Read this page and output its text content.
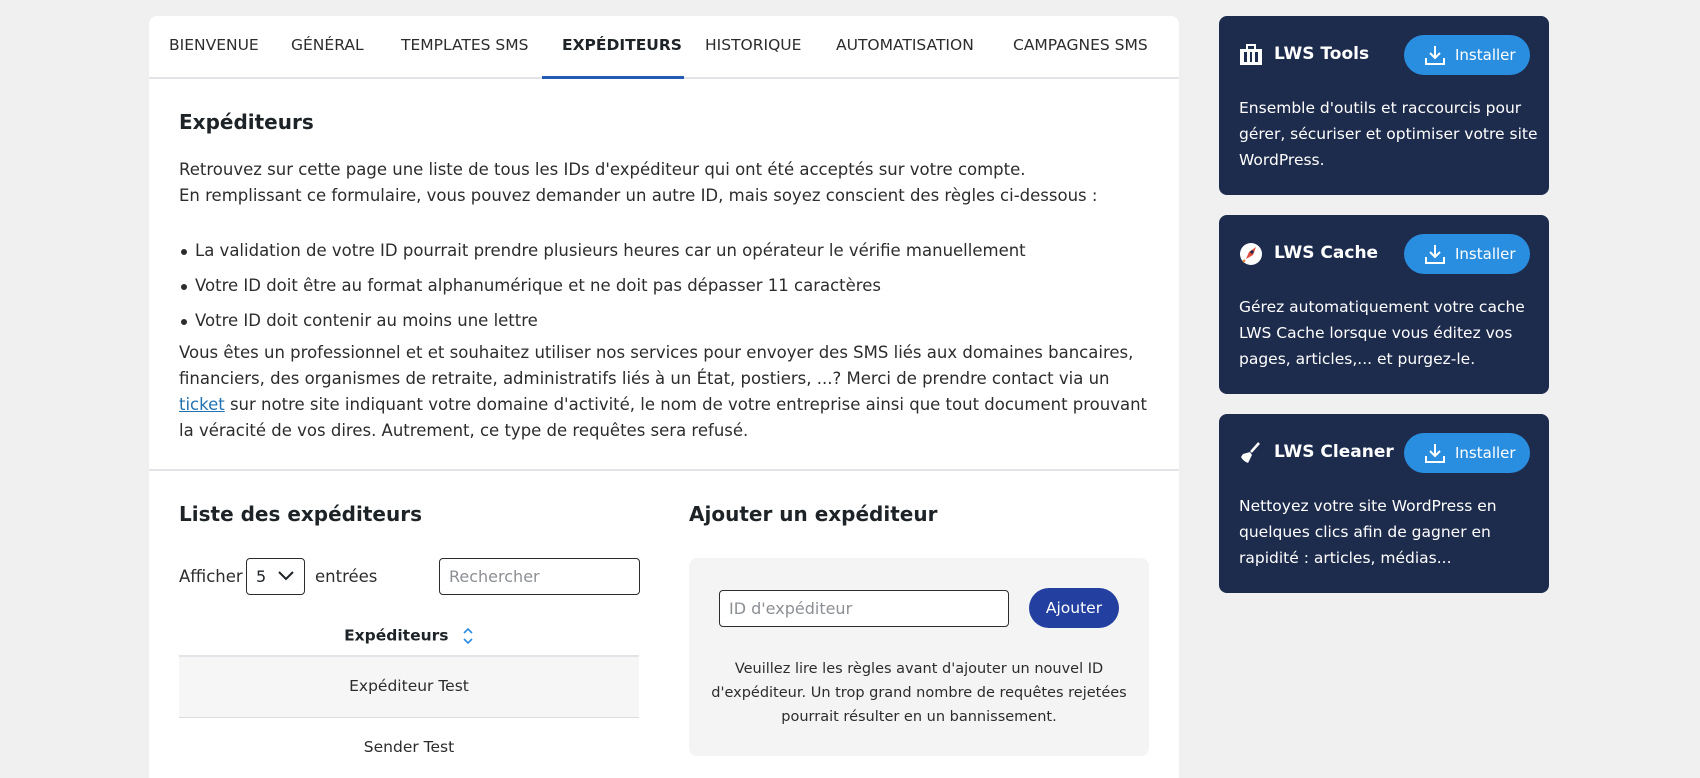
BIENVENUE GÉNÉRAL TEMPLATES SMS EXPÉDITEURS HISTORIQUE AUTOMATISATION	CAMPAGNES SMS
Expéditeurs
Retrouvez sur cette page une liste de tous les IDs d'expéditeur qui ont été acceptés sur votre compte.
En remplissant ce formulaire, vous pouvez demander un autre ID, mais soyez conscient des règles ci-dessous :
La validation de votre ID pourrait prendre plusieurs heures car un opérateur le vérifie manuellement
Votre ID doit être au format alphanumérique et ne doit pas dépasser 11 caractères
Votre ID doit contenir au moins une lettre
Vous êtes un professionnel et et souhaitez utiliser nos services pour envoyer des SMS liés aux domaines bancaires, financiers, des organismes de retraite, administratifs liés à un État, postiers, ...? Merci de prendre contact via un ticket sur notre site indiquant votre domaine d'activité, le nom de votre entreprise ainsi que tout document prouvant la véracité de vos dires. Autrement, ce type de requêtes sera refusé.
Liste des expéditeurs	Ajouter un expéditeur
Afficher 5	entrées
Rechercher
Expéditeurs
Expéditeur Test
Sender Test
ID d'expéditeur
Ajouter
Veuillez lire les règles avant d'ajouter un nouvel ID d'expéditeur. Un trop grand nombre de requêtes rejetées pourrait résulter en un bannissement.
LWS Tools	Installer
Ensemble d'outils et raccourcis pour gérer, sécuriser et optimiser votre site WordPress.
LWS Cache	Installer
Gérez automatiquement votre cache LWS Cache lorsque vous éditez vos pages, articles,... et purgez-le.
LWS Cleaner	Installer
Nettoyez votre site WordPress en quelques clics afin de gagner en rapidité : articles, médias...
